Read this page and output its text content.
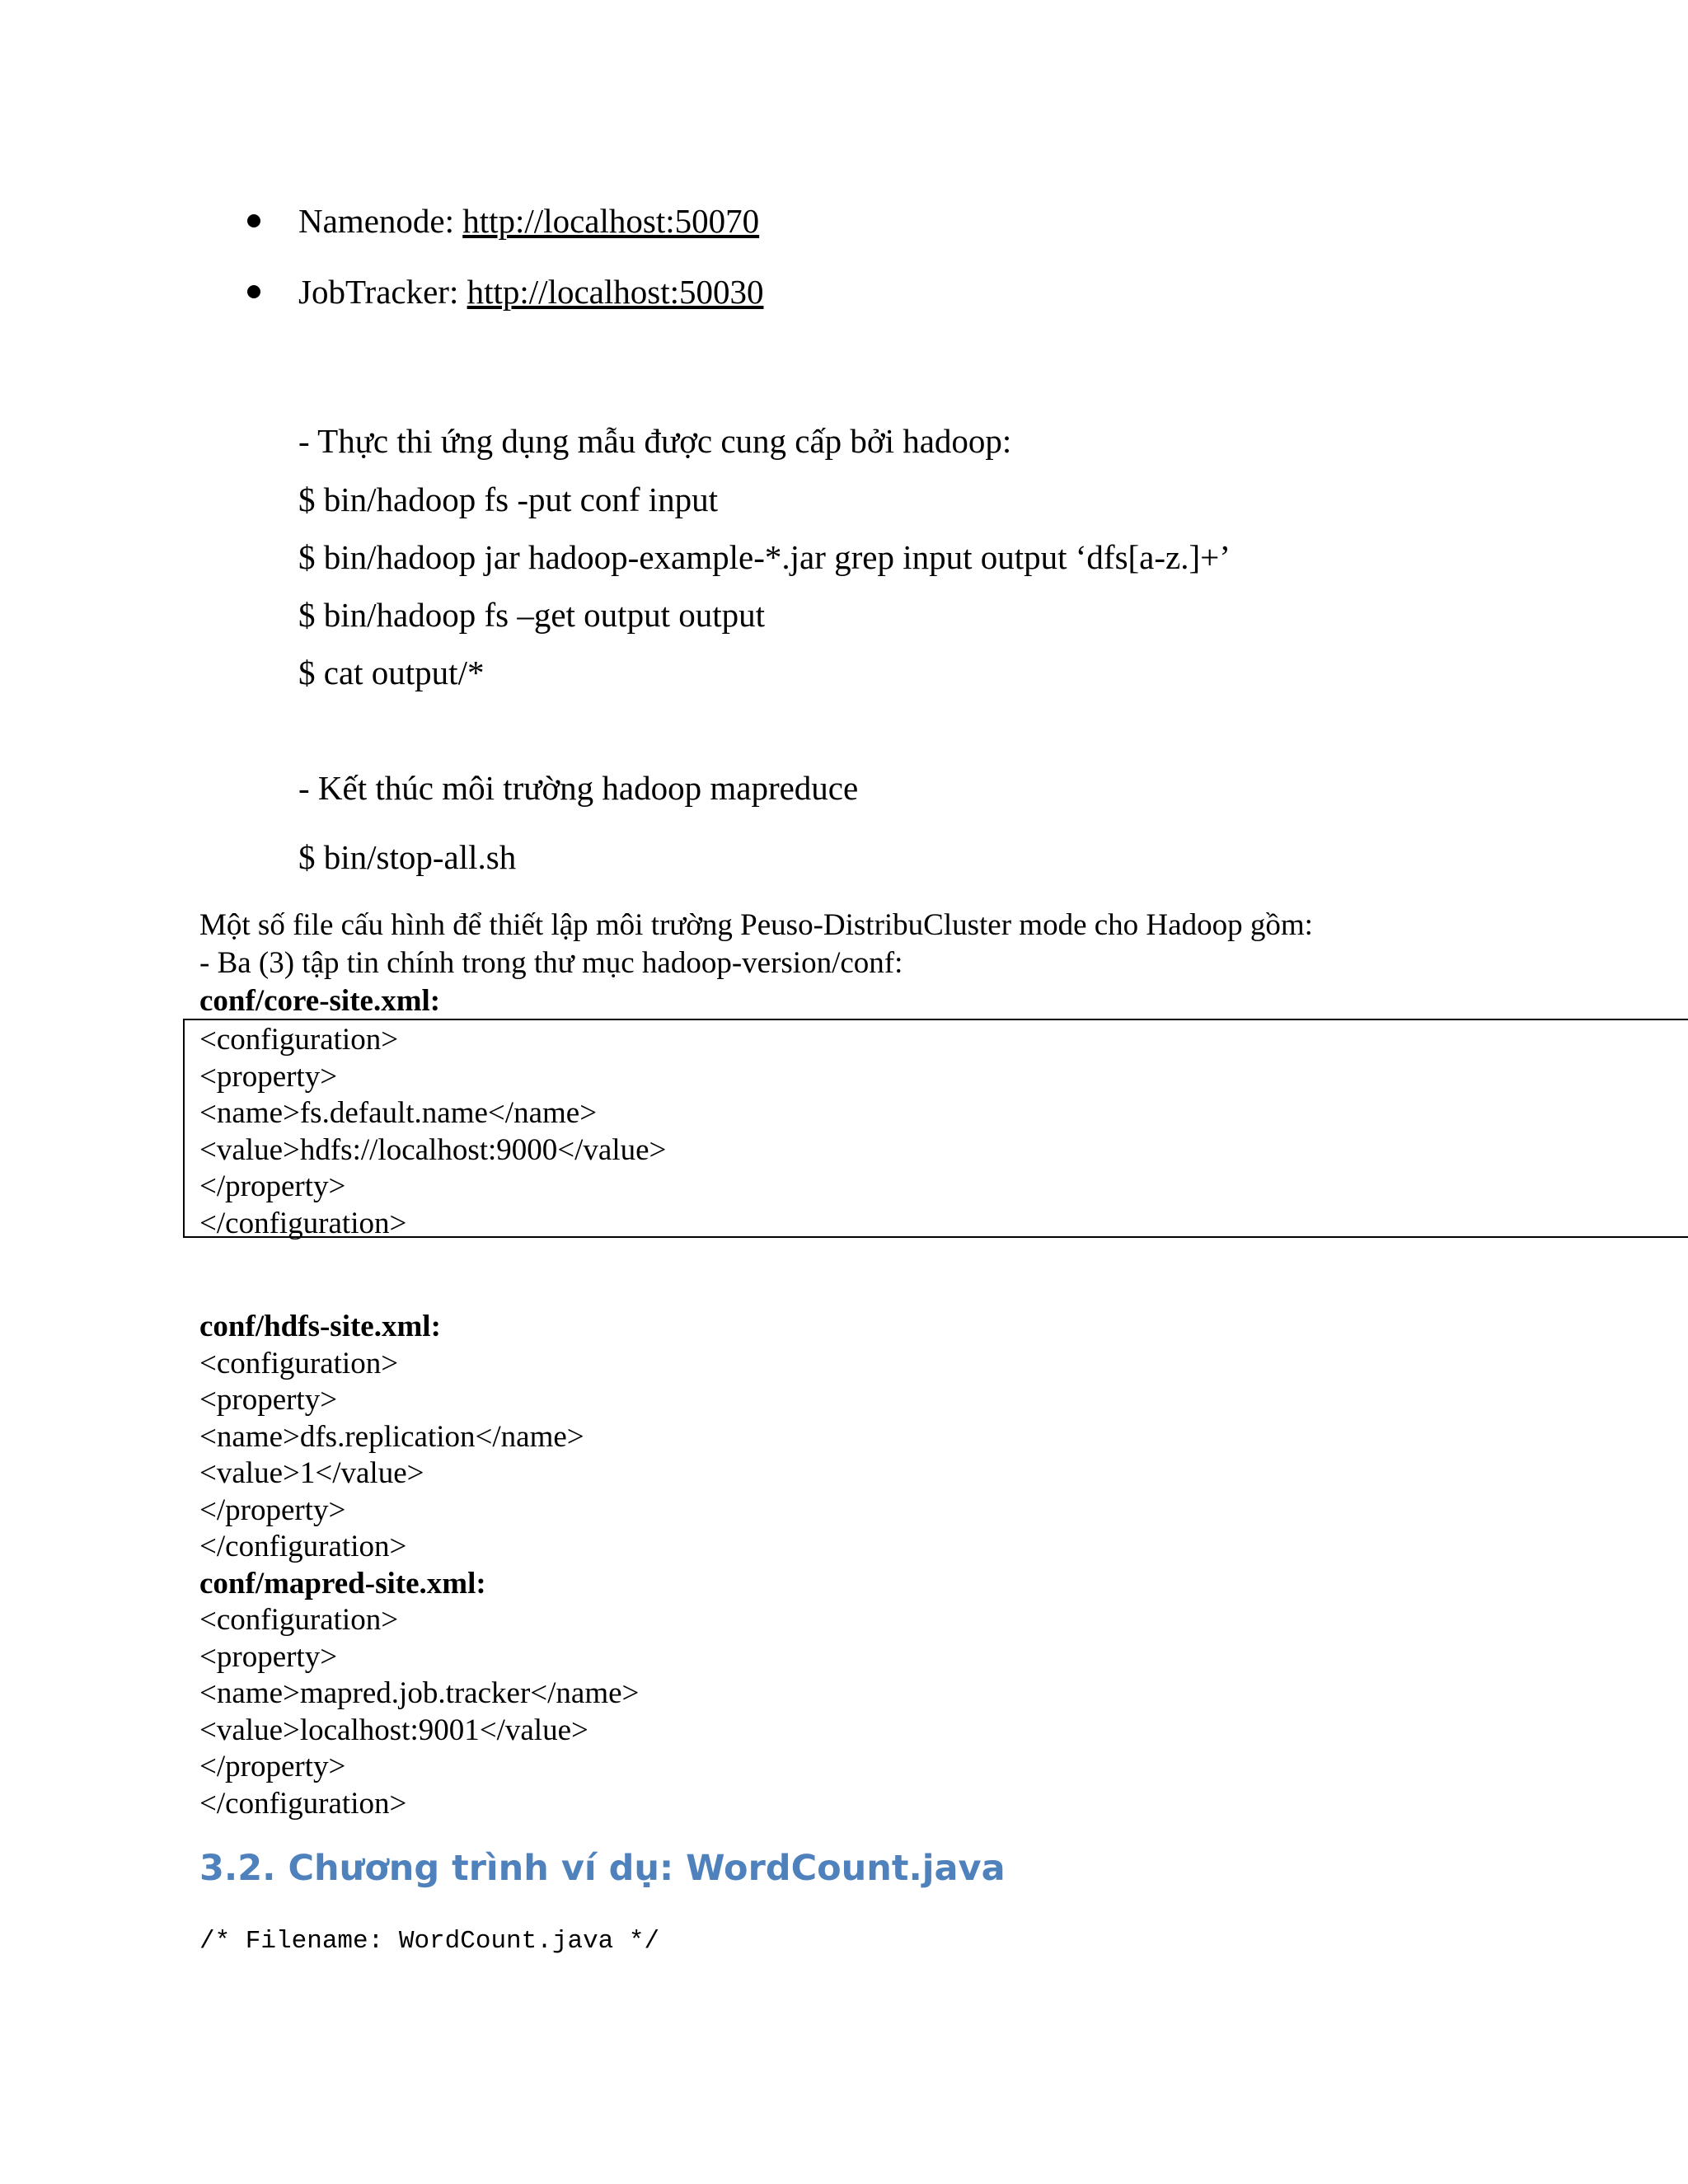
Namenode: http://localhost:50070
JobTracker: http://localhost:50030
- Thực thi ứng dụng mẫu được cung cấp bởi hadoop:
$ bin/hadoop fs -put conf input
$ bin/hadoop jar hadoop-example-*.jar grep input output ‘dfs[a-z.]+’
$ bin/hadoop fs –get output output
$ cat output/*
- Kết thúc môi trường hadoop mapreduce
$ bin/stop-all.sh
Một số file cấu hình để thiết lập môi trường Peuso-DistribuCluster mode cho Hadoop gồm:
- Ba (3) tập tin chính trong thư mục hadoop-version/conf:
conf/core-site.xml:
<configuration>
<property>
<name>fs.default.name</name>
<value>hdfs://localhost:9000</value>
</property>
</configuration>
conf/hdfs-site.xml:
<configuration>
<property>
<name>dfs.replication</name>
<value>1</value>
</property>
</configuration>
conf/mapred-site.xml:
<configuration>
<property>
<name>mapred.job.tracker</name>
<value>localhost:9001</value>
</property>
</configuration>
3.2. Chương trình ví dụ: WordCount.java
/* Filename: WordCount.java */
